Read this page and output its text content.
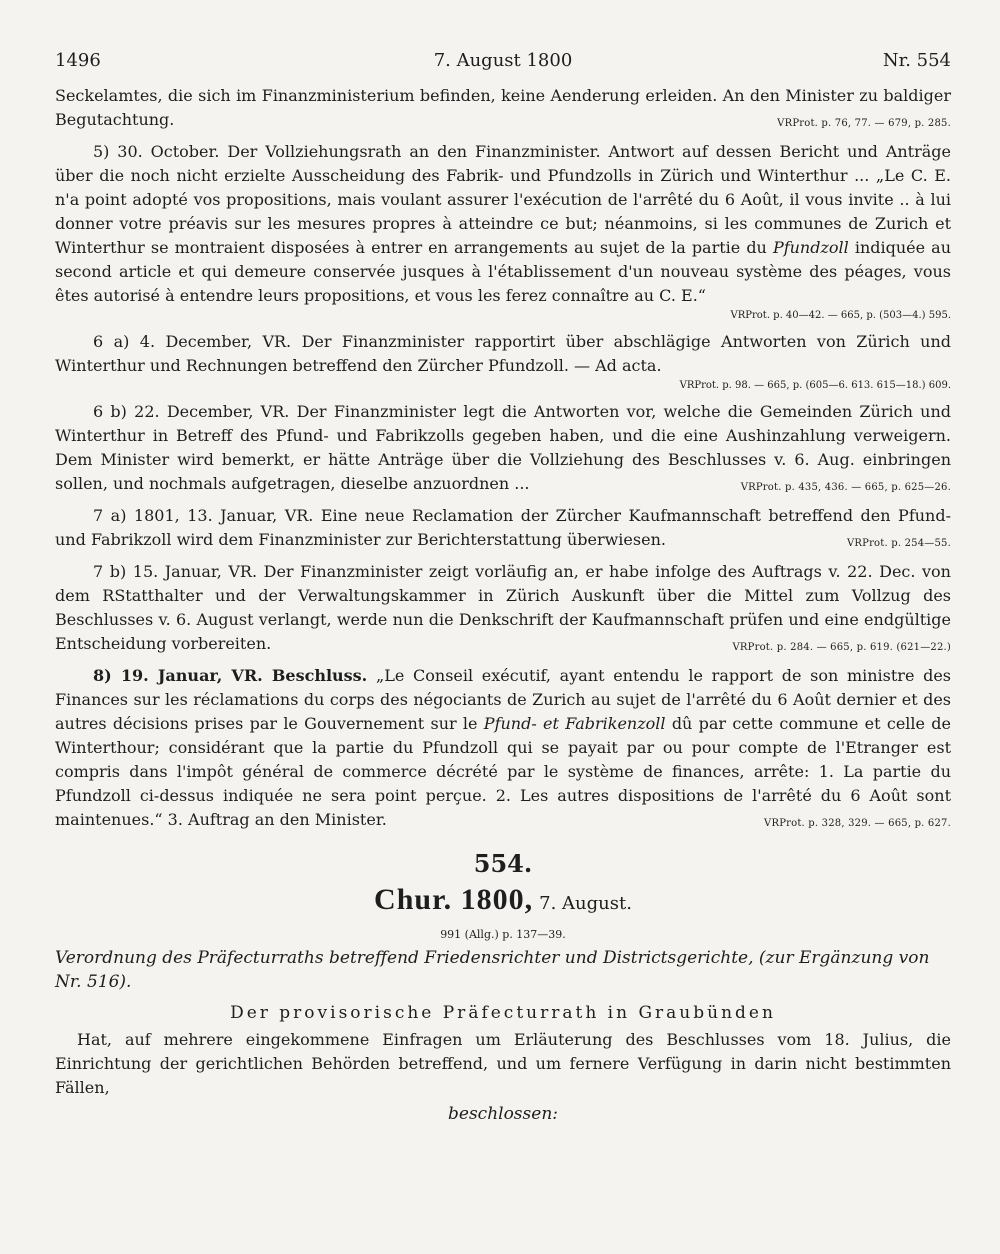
1496	7. August 1800	Nr. 554

Seckelamtes, die sich im Finanzministerium befinden, keine Aenderung erleiden. An den Minister zu baldiger Begutachtung.	VRProt. p. 76, 77. — 679, p. 285.

5) 30. October. Der Vollziehungsrath an den Finanzminister. Antwort auf dessen Bericht und Anträge über die noch nicht erzielte Ausscheidung des Fabrik- und Pfundzolls in Zürich und Winterthur ... „Le C. E. n'a point adopté vos propositions, mais voulant assurer l'exécution de l'arrêté du 6 Août, il vous invite .. à lui donner votre préavis sur les mesures propres à atteindre ce but; néanmoins, si les communes de Zurich et Winterthur se montraient disposées à entrer en arrangements au sujet de la partie du Pfundzoll indiquée au second article et qui demeure conservée jusques à l'établissement d'un nouveau système des péages, vous êtes autorisé à entendre leurs propositions, et vous les ferez connaître au C. E.“

VRProt. p. 40—42. — 665, p. (503—4.) 595.

6 a) 4. December, VR. Der Finanzminister rapportirt über abschlägige Antworten von Zürich und Winterthur und Rechnungen betreffend den Zürcher Pfundzoll. — Ad acta.

VRProt. p. 98. — 665, p. (605—6. 613. 615—18.) 609.

6 b) 22. December, VR. Der Finanzminister legt die Antworten vor, welche die Gemeinden Zürich und Winterthur in Betreff des Pfund- und Fabrikzolls gegeben haben, und die eine Aushinzahlung verweigern. Dem Minister wird bemerkt, er hätte Anträge über die Vollziehung des Beschlusses v. 6. Aug. einbringen sollen, und nochmals aufgetragen, dieselbe anzuordnen ...	VRProt. p. 435, 436. — 665, p. 625—26.

7 a) 1801, 13. Januar, VR. Eine neue Reclamation der Zürcher Kaufmannschaft betreffend den Pfund- und Fabrikzoll wird dem Finanzminister zur Berichterstattung überwiesen.	VRProt. p. 254—55.

7 b) 15. Januar, VR. Der Finanzminister zeigt vorläufig an, er habe infolge des Auftrags v. 22. Dec. von dem RStatthalter und der Verwaltungskammer in Zürich Auskunft über die Mittel zum Vollzug des Beschlusses v. 6. August verlangt, werde nun die Denkschrift der Kaufmannschaft prüfen und eine endgültige Entscheidung vorbereiten.	VRProt. p. 284. — 665, p. 619. (621—22.)

8) 19. Januar, VR. Beschluss. „Le Conseil exécutif, ayant entendu le rapport de son ministre des Finances sur les réclamations du corps des négociants de Zurich au sujet de l'arrêté du 6 Août dernier et des autres décisions prises par le Gouvernement sur le Pfund- et Fabrikenzoll dû par cette commune et celle de Winterthour; considérant que la partie du Pfundzoll qui se payait par ou pour compte de l'Etranger est compris dans l'impôt général de commerce décrété par le système de finances, arrête: 1. La partie du Pfundzoll ci-dessus indiquée ne sera point perçue. 2. Les autres dispositions de l'arrêté du 6 Août sont maintenues.“ 3. Auftrag an den Minister.	VRProt. p. 328, 329. — 665, p. 627.

554.
Chur. 1800, 7. August.
991 (Allg.) p. 137—39.
Verordnung des Präfecturraths betreffend Friedensrichter und Districtsgerichte, (zur Ergänzung von Nr. 516).
Der provisorische Präfecturrath in Graubünden

Hat, auf mehrere eingekommene Einfragen um Erläuterung des Beschlusses vom 18. Julius, die Einrichtung der gerichtlichen Behörden betreffend, und um fernere Verfügung in darin nicht bestimmten Fällen,

beschlossen:
